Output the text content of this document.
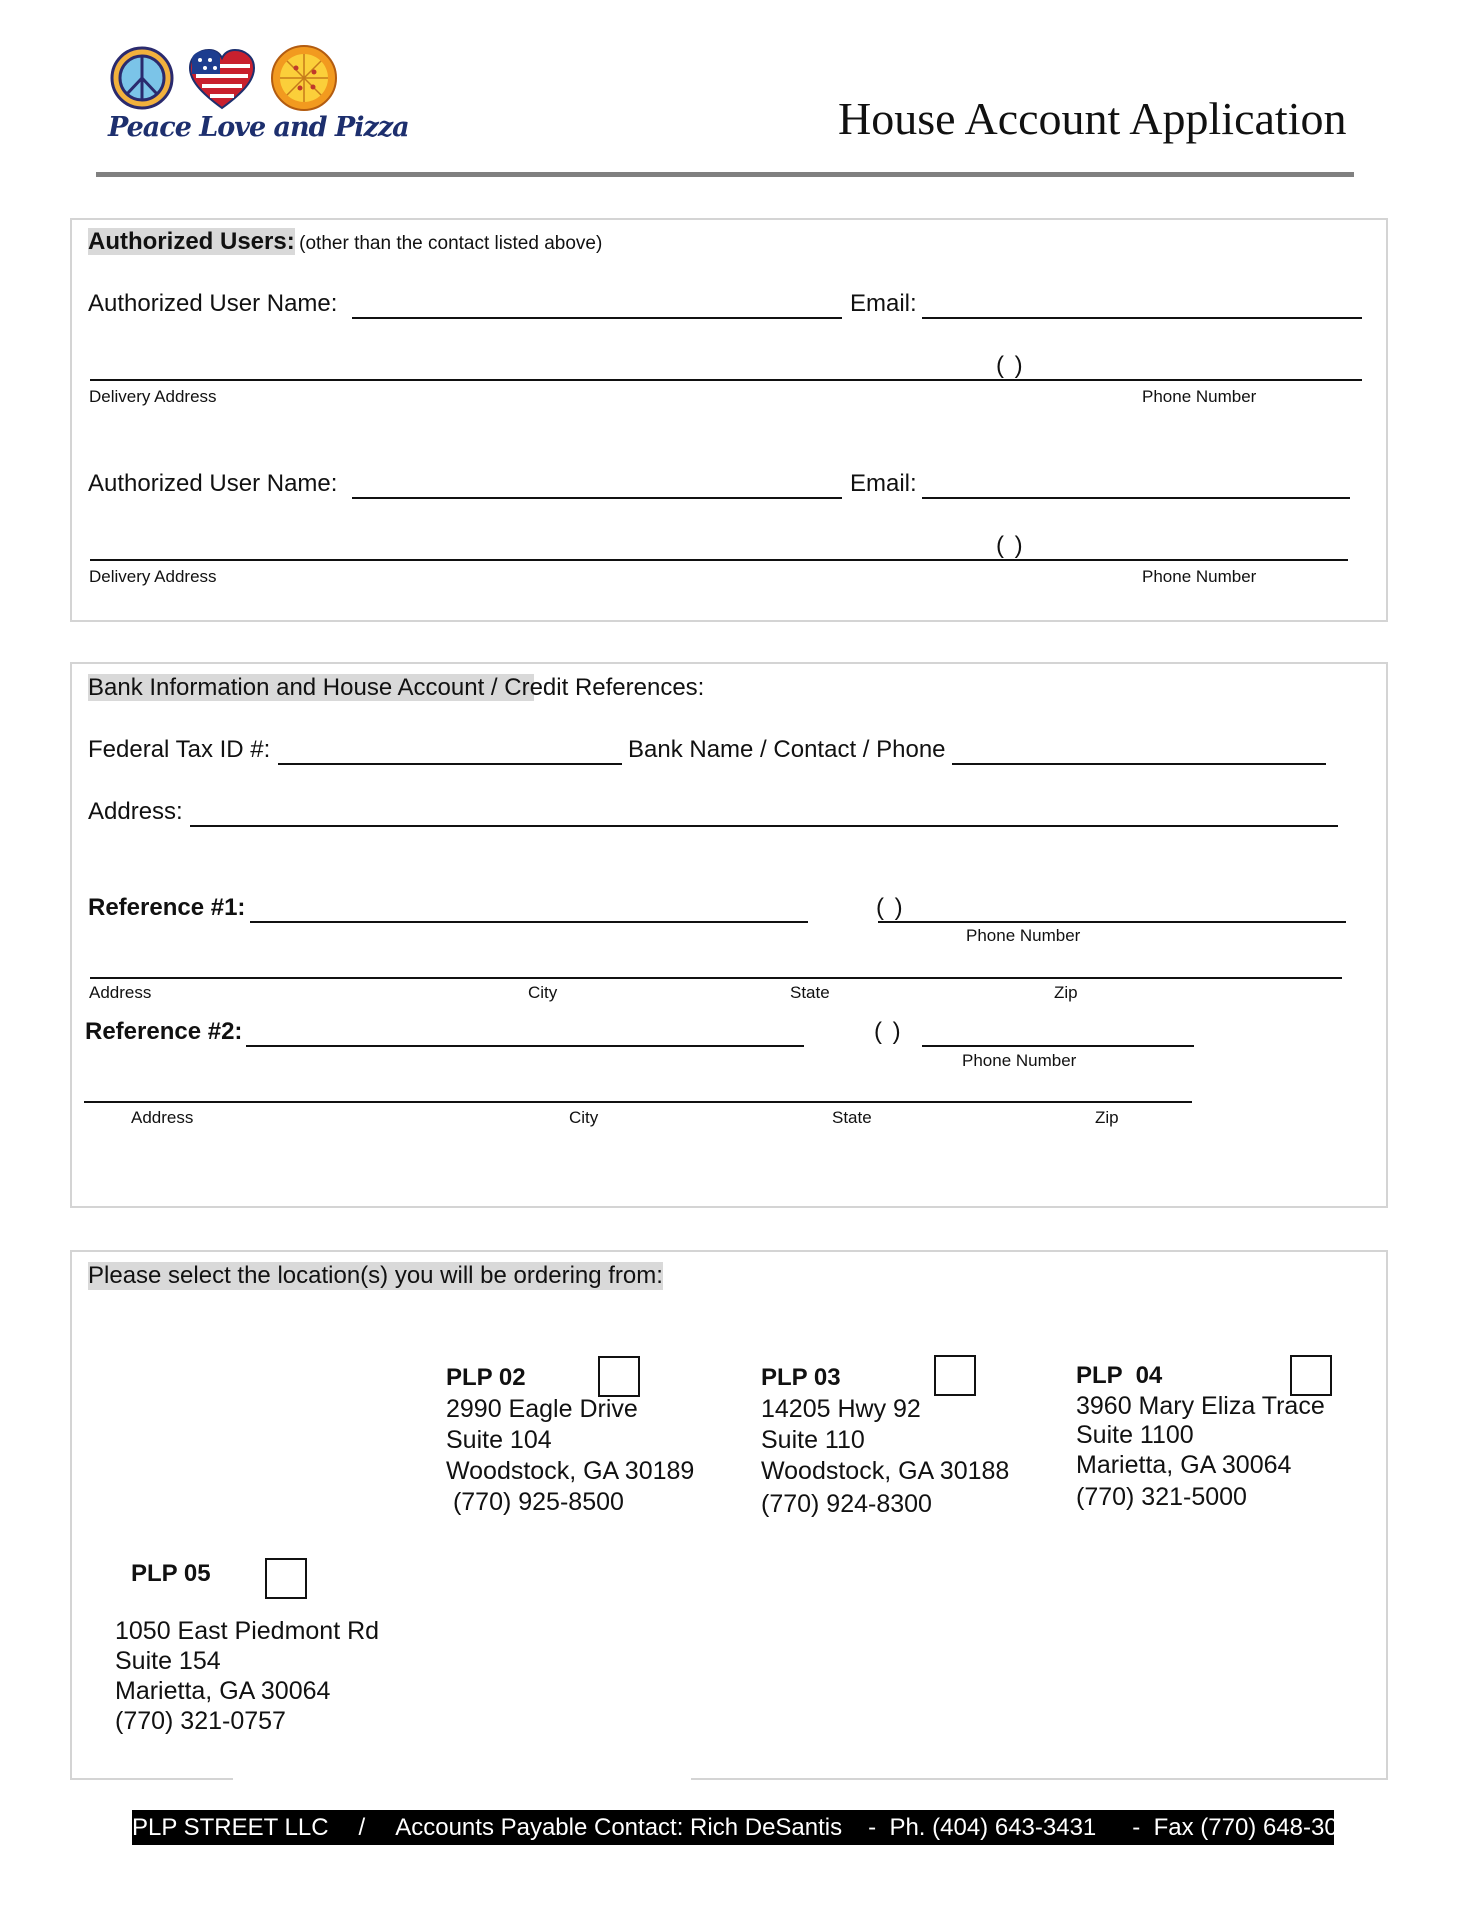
Peace Love and Pizza	House Account Application
Authorized Users: (other than the contact listed above)
Authorized User Name:	Email:
( )
Delivery Address	Phone Number
Authorized User Name:	Email:
( )
Delivery Address	Phone Number
Bank Information and House Account / Credit References:
Federal Tax ID #:	Bank Name / Contact / Phone
Address:
Reference #1:	( )
Phone Number
Address	City	State	Zip
Reference #2:	( )
Phone Number
Address	City	State	Zip
Please select the location(s) you will be ordering from:
PLP 02
2990 Eagle Drive
Suite 104
Woodstock, GA 30189
(770) 925-8500
PLP 03
14205 Hwy 92
Suite 110
Woodstock, GA 30188
(770) 924-8300
PLP  04
3960 Mary Eliza Trace
Suite 1100
Marietta, GA 30064
(770) 321-5000
PLP 05
1050 East Piedmont Rd
Suite 154
Marietta, GA 30064
(770) 321-0757
PLP STREET LLC / Accounts Payable Contact: Rich DeSantis -  Ph. (404) 643-3431 -  Fax (770) 648-3097
